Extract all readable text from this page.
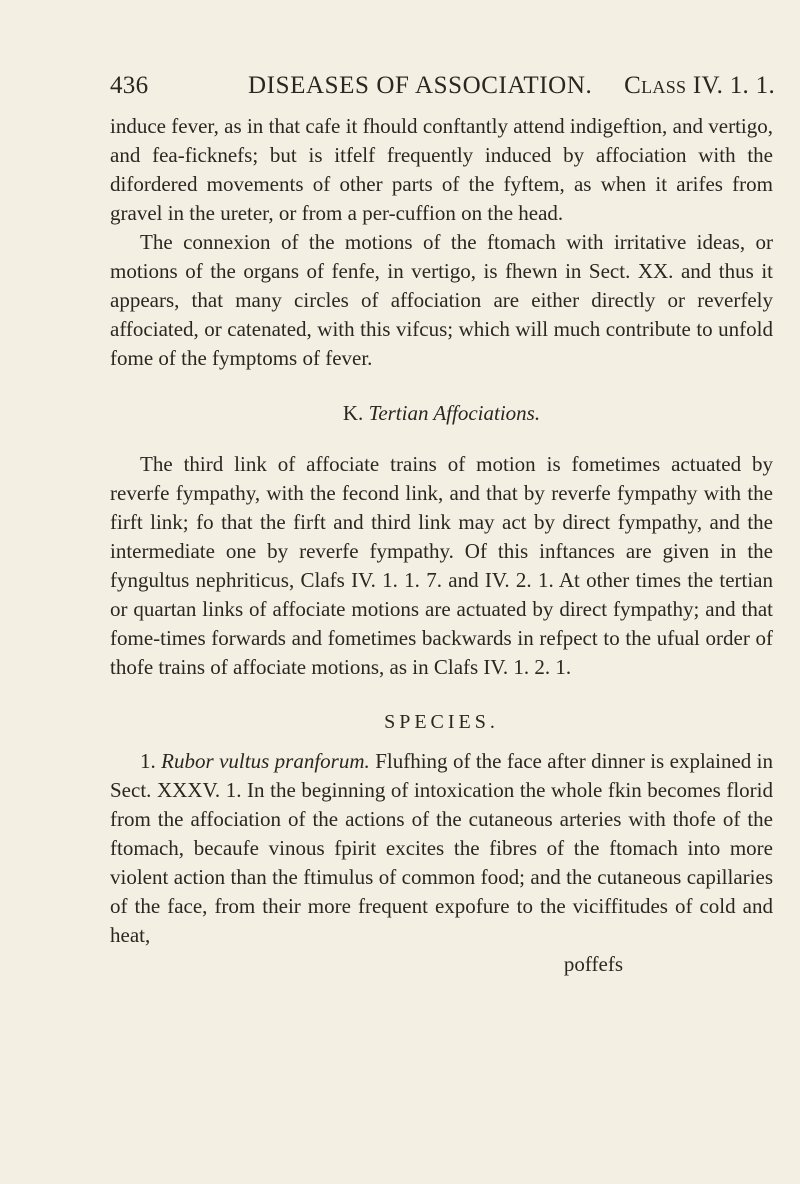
436	DISEASES OF ASSOCIATION. Class IV. 1. 1.

induce fever, as in that cafe it fhould conftantly attend indigeftion, and vertigo, and fea-ficknefs; but is itfelf frequently induced by affociation with the difordered movements of other parts of the fyftem, as when it arifes from gravel in the ureter, or from a per-cuffion on the head.

The connexion of the motions of the ftomach with irritative ideas, or motions of the organs of fenfe, in vertigo, is fhewn in Sect. XX. and thus it appears, that many circles of affociation are either directly or reverfely affociated, or catenated, with this vifcus; which will much contribute to unfold fome of the fymptoms of fever.

K. Tertian Affociations.

The third link of affociate trains of motion is fometimes actuated by reverfe fympathy, with the fecond link, and that by reverfe fympathy with the firft link; fo that the firft and third link may act by direct fympathy, and the intermediate one by reverfe fympathy. Of this inftances are given in the fyngultus nephriticus, Clafs IV. 1. 1. 7. and IV. 2. 1. At other times the tertian or quartan links of affociate motions are actuated by direct fympathy; and that fome-times forwards and fometimes backwards in refpect to the ufual order of thofe trains of affociate motions, as in Clafs IV. 1. 2. 1.

SPECIES.

1. Rubor vultus pranforum. Flufhing of the face after dinner is explained in Sect. XXXV. 1. In the beginning of intoxication the whole fkin becomes florid from the affociation of the actions of the cutaneous arteries with thofe of the ftomach, becaufe vinous fpirit excites the fibres of the ftomach into more violent action than the ftimulus of common food; and the cutaneous capillaries of the face, from their more frequent expofure to the viciffitudes of cold and heat,

poffefs
